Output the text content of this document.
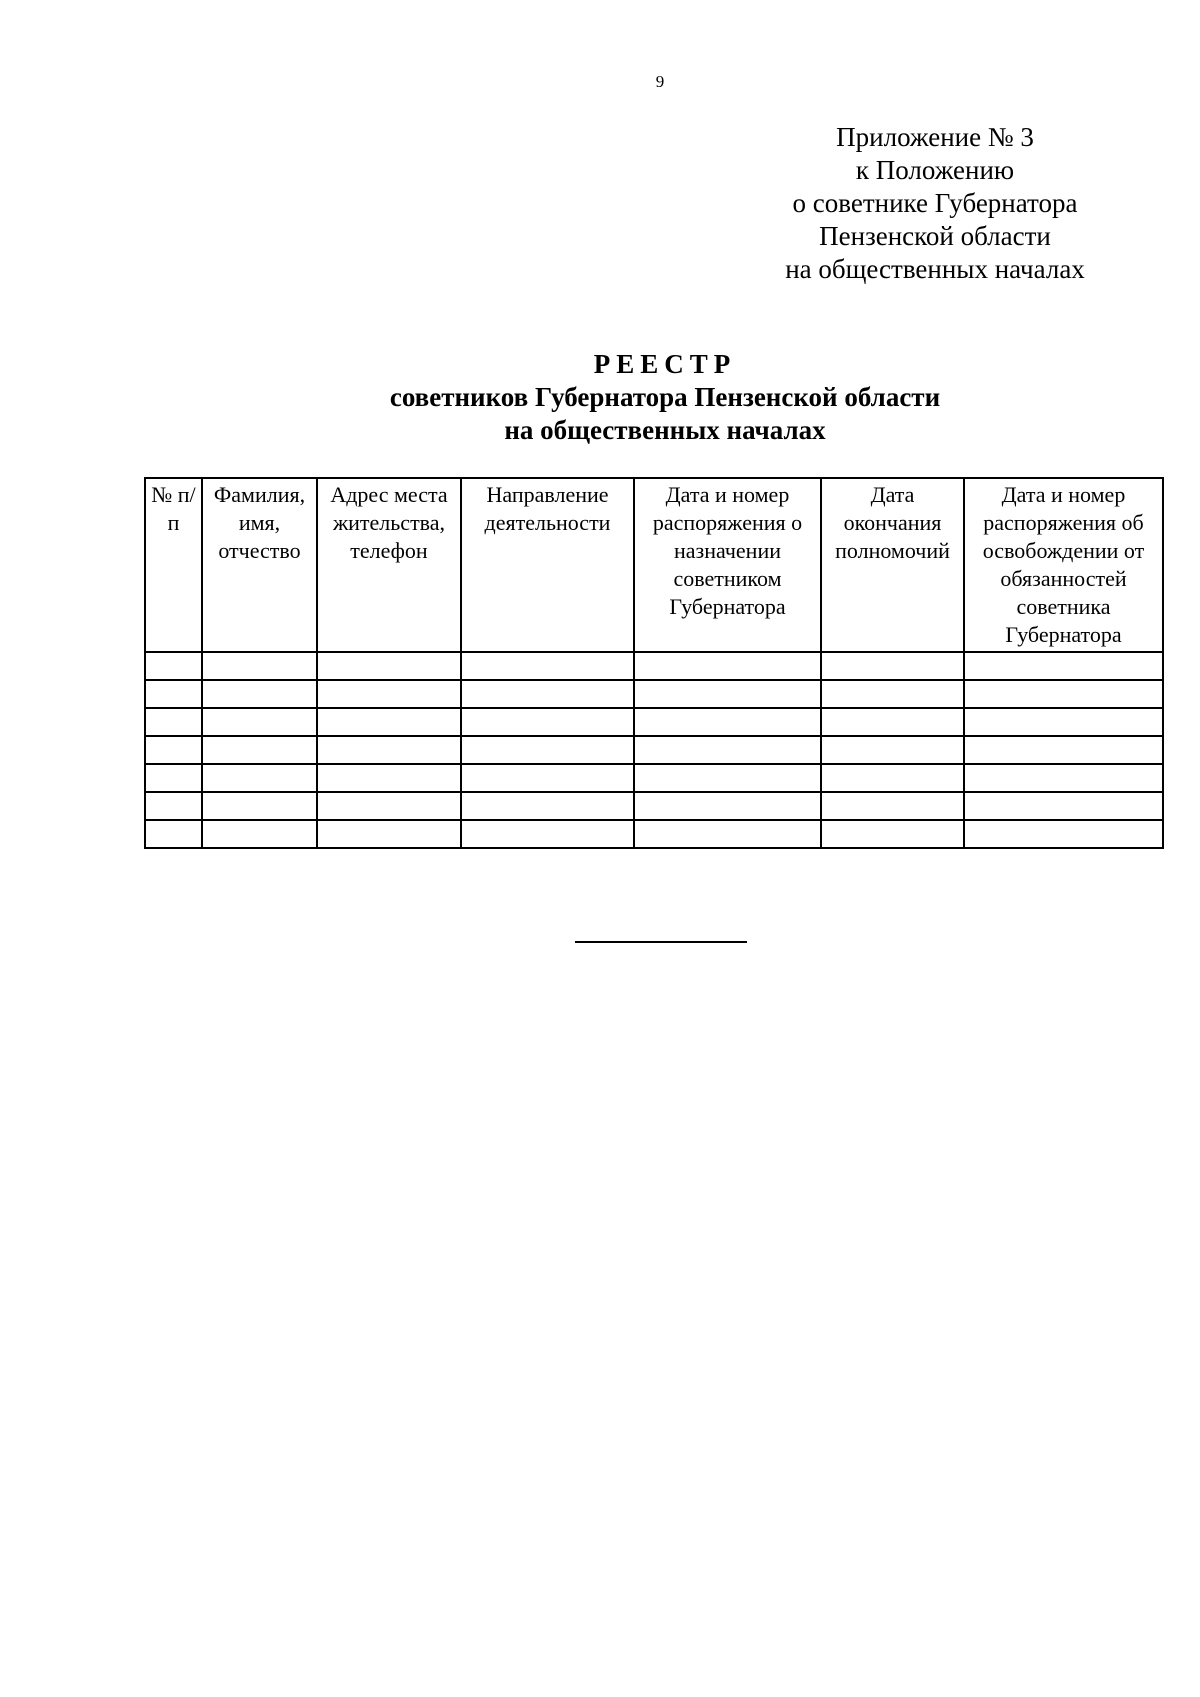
9
Приложение № 3
к Положению
о советнике Губернатора
Пензенской области
на общественных началах
РЕЕСТР
советников Губернатора Пензенской области
на общественных началах
№ п/п	Фамилия, имя, отчество	Адрес места жительства, телефон	Направление деятельности	Дата и номер распоряжения о назначении советником Губернатора	Дата окончания полномочий	Дата и номер распоряжения об освобождении от обязанностей советника Губернатора
